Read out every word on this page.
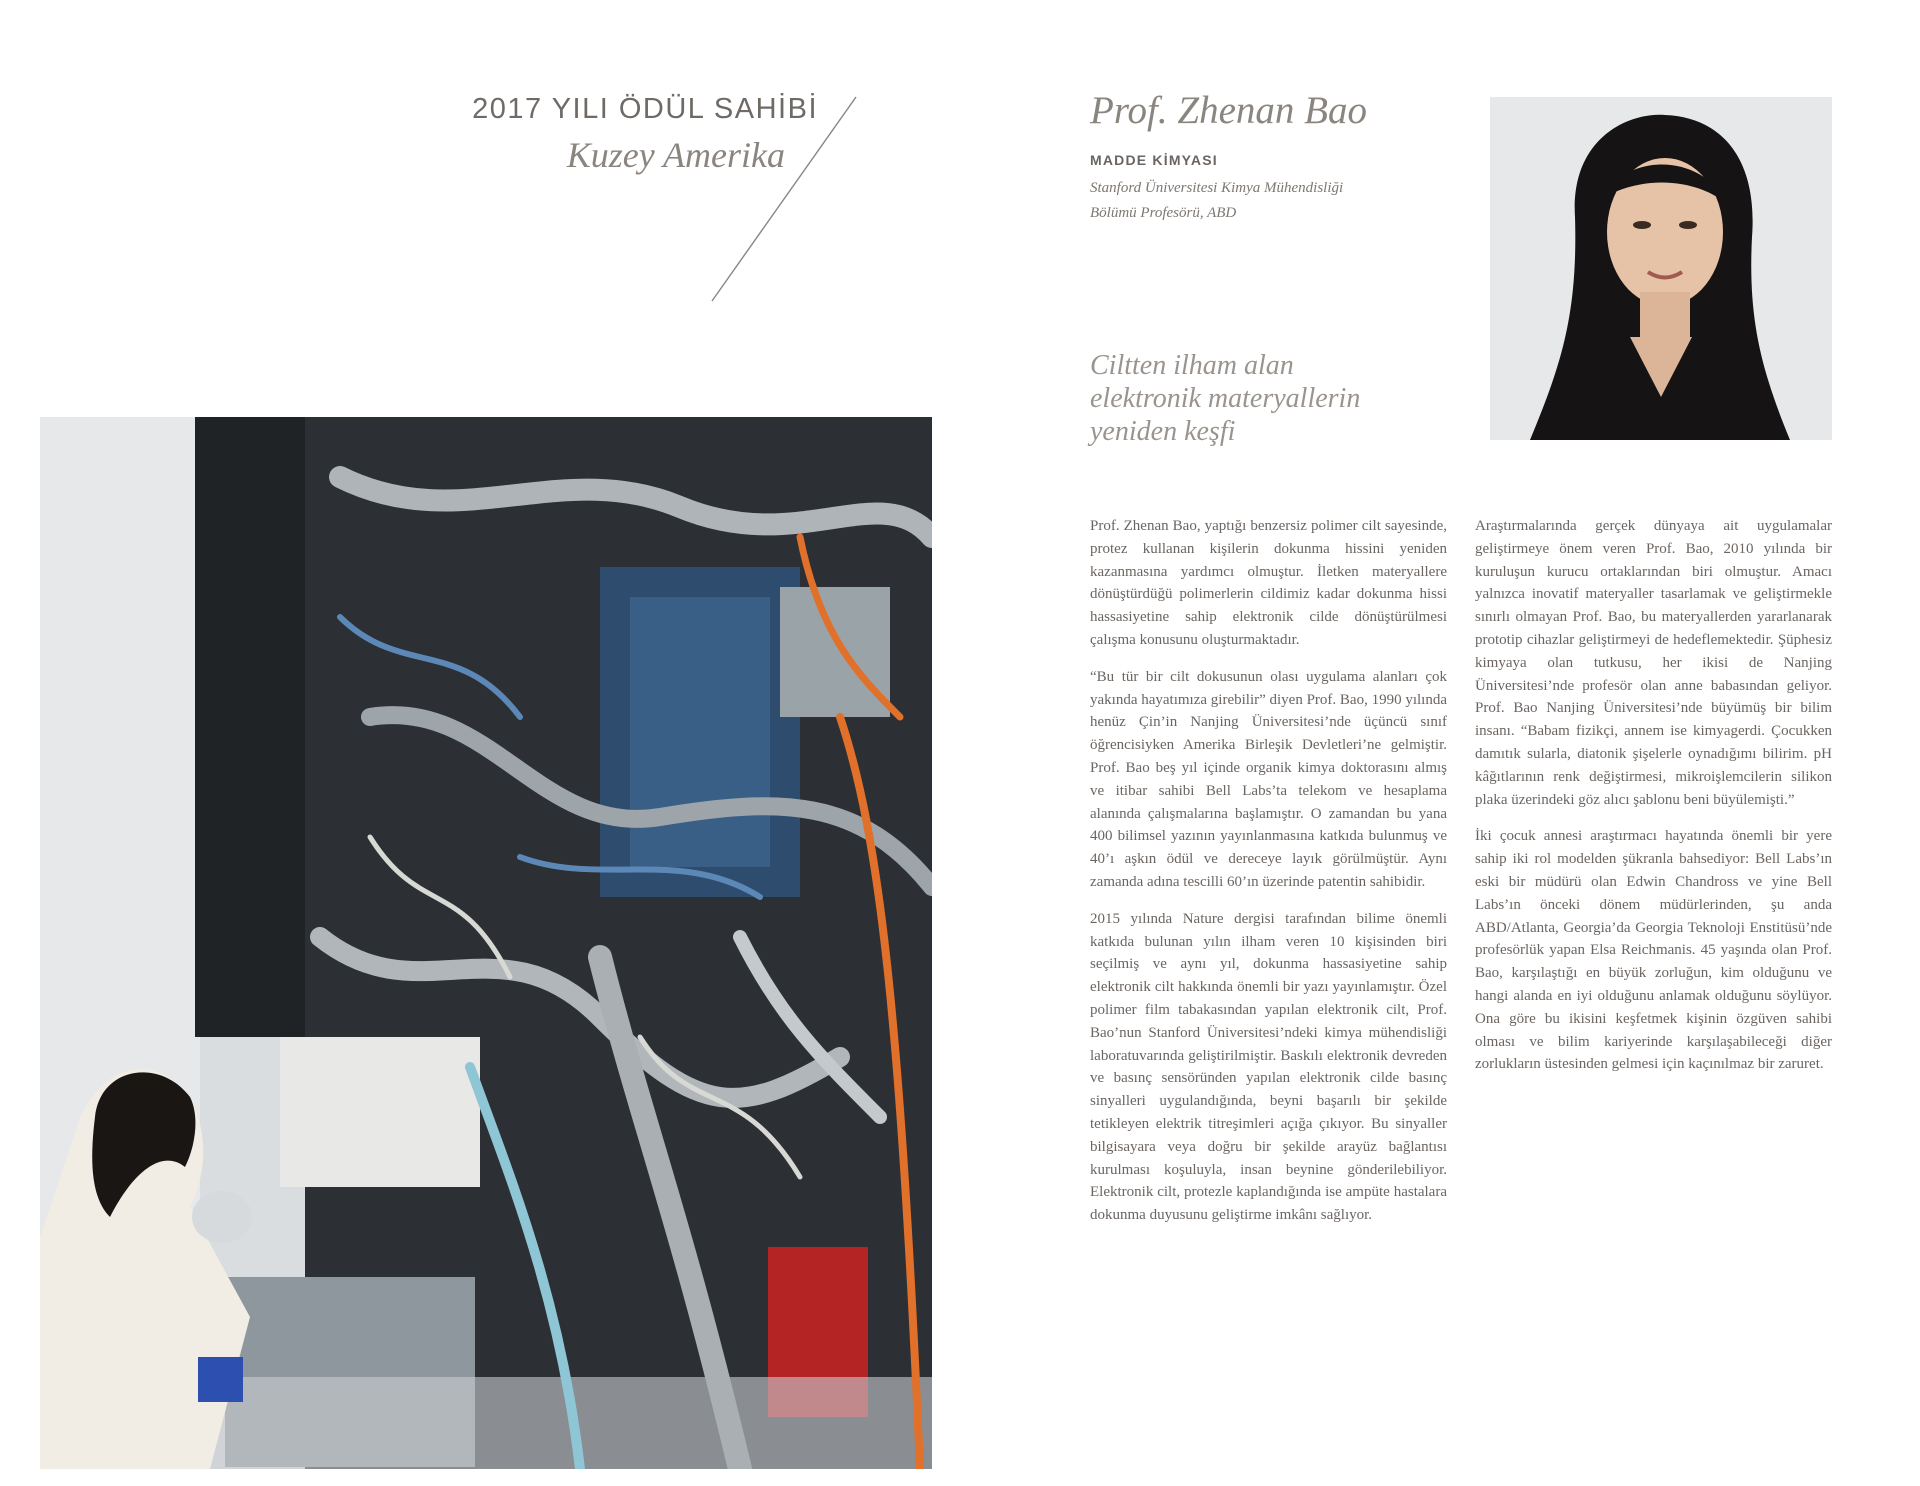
2017 YILI ÖDÜL SAHİBİ
Kuzey Amerika
Prof. Zhenan Bao
MADDE KİMYASI
Stanford Üniversitesi Kimya Mühendisliği
Bölümü Profesörü, ABD
Ciltten ilham alan
elektronik materyallerin
yeniden keşfi

Prof. Zhenan Bao, yaptığı benzersiz polimer cilt sayesinde, protez kullanan kişilerin dokunma hissini yeniden kazanmasına yardımcı olmuştur. İletken materyallere dönüştürdüğü polimerlerin cildimiz kadar dokunma hissi hassasiyetine sahip elektronik cilde dönüştürülmesi çalışma konusunu oluşturmaktadır.

“Bu tür bir cilt dokusunun olası uygulama alanları çok yakında hayatımıza girebilir” diyen Prof. Bao, 1990 yılında henüz Çin’in Nanjing Üniversitesi’nde üçüncü sınıf öğrencisiyken Amerika Birleşik Devletleri’ne gelmiştir. Prof. Bao beş yıl içinde organik kimya doktorasını almış ve itibar sahibi Bell Labs’ta telekom ve hesaplama alanında çalışmalarına başlamıştır. O zamandan bu yana 400 bilimsel yazının yayınlanmasına katkıda bulunmuş ve 40’ı aşkın ödül ve dereceye layık görülmüştür. Aynı zamanda adına tescilli 60’ın üzerinde patentin sahibidir.

2015 yılında Nature dergisi tarafından bilime önemli katkıda bulunan yılın ilham veren 10 kişisinden biri seçilmiş ve aynı yıl, dokunma hassasiyetine sahip elektronik cilt hakkında önemli bir yazı yayınlamıştır. Özel polimer film tabakasından yapılan elektronik cilt, Prof. Bao’nun Stanford Üniversitesi’ndeki kimya mühendisliği laboratuvarında geliştirilmiştir. Baskılı elektronik devreden ve basınç sensöründen yapılan elektronik cilde basınç sinyalleri uygulandığında, beyni başarılı bir şekilde tetikleyen elektrik titreşimleri açığa çıkıyor. Bu sinyaller bilgisayara veya doğru bir şekilde arayüz bağlantısı kurulması koşuluyla, insan beynine gönderilebiliyor. Elektronik cilt, protezle kaplandığında ise ampüte hastalara dokunma duyusunu geliştirme imkânı sağlıyor.

Araştırmalarında gerçek dünyaya ait uygulamalar geliştirmeye önem veren Prof. Bao, 2010 yılında bir kuruluşun kurucu ortaklarından biri olmuştur. Amacı yalnızca inovatif materyaller tasarlamak ve geliştirmekle sınırlı olmayan Prof. Bao, bu materyallerden yararlanarak prototip cihazlar geliştirmeyi de hedeflemektedir. Şüphesiz kimyaya olan tutkusu, her ikisi de Nanjing Üniversitesi’nde profesör olan anne babasından geliyor. Prof. Bao Nanjing Üniversitesi’nde büyümüş bir bilim insanı. “Babam fizikçi, annem ise kimyagerdi. Çocukken damıtık sularla, diatonik şişelerle oynadığımı bilirim. pH kâğıtlarının renk değiştirmesi, mikroişlemcilerin silikon plaka üzerindeki göz alıcı şablonu beni büyülemişti.”

İki çocuk annesi araştırmacı hayatında önemli bir yere sahip iki rol modelden şükranla bahsediyor: Bell Labs’ın eski bir müdürü olan Edwin Chandross ve yine Bell Labs’ın önceki dönem müdürlerinden, şu anda ABD/Atlanta, Georgia’da Georgia Teknoloji Enstitüsü’nde profesörlük yapan Elsa Reichmanis. 45 yaşında olan Prof. Bao, karşılaştığı en büyük zorluğun, kim olduğunu ve hangi alanda en iyi olduğunu anlamak olduğunu söylüyor. Ona göre bu ikisini keşfetmek kişinin özgüven sahibi olması ve bilim kariyerinde karşılaşabileceği diğer zorlukların üstesinden gelmesi için kaçınılmaz bir zaruret.
